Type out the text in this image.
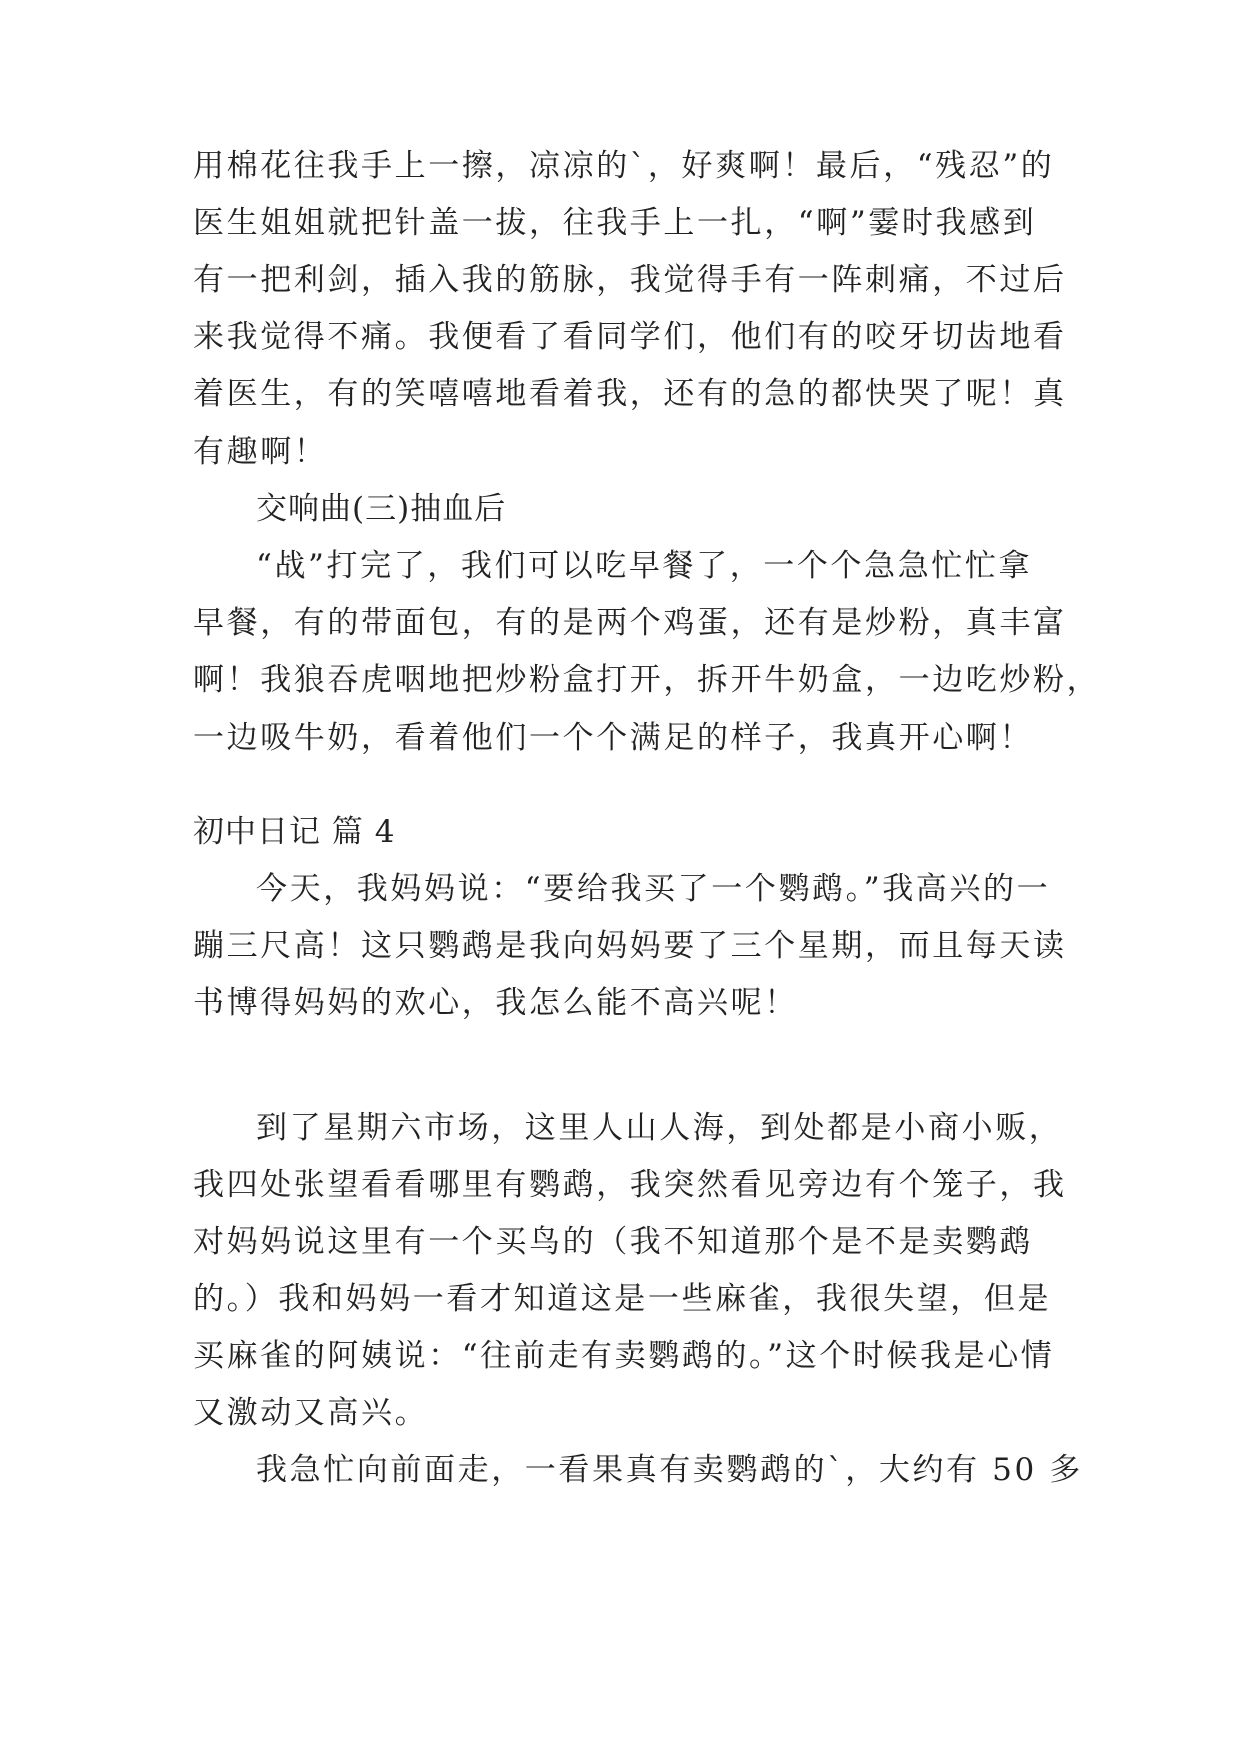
用棉花往我手上一擦，凉凉的`，好爽啊！最后，“残忍”的
医生姐姐就把针盖一拔，往我手上一扎，“啊”霎时我感到
有一把利剑，插入我的筋脉，我觉得手有一阵刺痛，不过后
来我觉得不痛。我便看了看同学们，他们有的咬牙切齿地看
着医生，有的笑嘻嘻地看着我，还有的急的都快哭了呢！真
有趣啊！
交响曲(三)抽血后
“战”打完了，我们可以吃早餐了，一个个急急忙忙拿
早餐，有的带面包，有的是两个鸡蛋，还有是炒粉，真丰富
啊！我狼吞虎咽地把炒粉盒打开，拆开牛奶盒，一边吃炒粉，
一边吸牛奶，看着他们一个个满足的样子，我真开心啊！
初中日记 篇 4
今天，我妈妈说：“要给我买了一个鹦鹉。”我高兴的一
蹦三尺高！这只鹦鹉是我向妈妈要了三个星期，而且每天读
书博得妈妈的欢心，我怎么能不高兴呢！
到了星期六市场，这里人山人海，到处都是小商小贩，
我四处张望看看哪里有鹦鹉，我突然看见旁边有个笼子，我
对妈妈说这里有一个买鸟的（我不知道那个是不是卖鹦鹉
的。）我和妈妈一看才知道这是一些麻雀，我很失望，但是
买麻雀的阿姨说：“往前走有卖鹦鹉的。”这个时候我是心情
又激动又高兴。
我急忙向前面走，一看果真有卖鹦鹉的`，大约有 50 多
